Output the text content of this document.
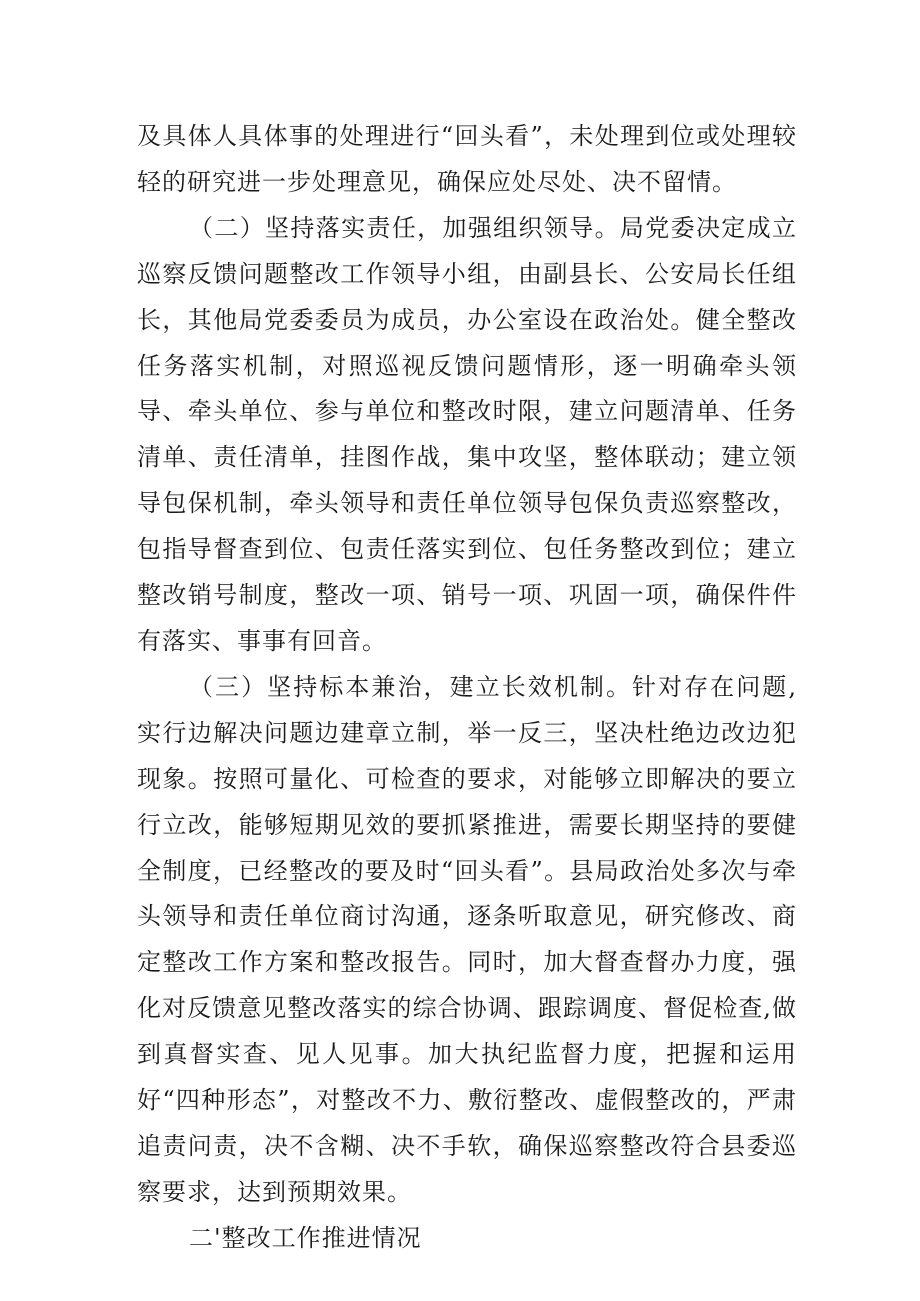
及具体人具体事的处理进行“回头看”，未处理到位或处理较轻的研究进一步处理意见，确保应处尽处、决不留情。

（二）坚持落实责任，加强组织领导。局党委决定成立巡察反馈问题整改工作领导小组，由副县长、公安局长任组长，其他局党委委员为成员，办公室设在政治处。健全整改任务落实机制，对照巡视反馈问题情形，逐一明确牵头领导、牵头单位、参与单位和整改时限，建立问题清单、任务清单、责任清单，挂图作战，集中攻坚，整体联动；建立领导包保机制，牵头领导和责任单位领导包保负责巡察整改，包指导督查到位、包责任落实到位、包任务整改到位；建立整改销号制度，整改一项、销号一项、巩固一项，确保件件有落实、事事有回音。

（三）坚持标本兼治，建立长效机制。针对存在问题,实行边解决问题边建章立制，举一反三，坚决杜绝边改边犯现象。按照可量化、可检查的要求，对能够立即解决的要立行立改，能够短期见效的要抓紧推进，需要长期坚持的要健全制度，已经整改的要及时“回头看”。县局政治处多次与牵头领导和责任单位商讨沟通，逐条听取意见，研究修改、商定整改工作方案和整改报告。同时，加大督查督办力度，强化对反馈意见整改落实的综合协调、跟踪调度、督促检查,做到真督实查、见人见事。加大执纪监督力度，把握和运用好“四种形态”，对整改不力、敷衍整改、虚假整改的，严肃追责问责，决不含糊、决不手软，确保巡察整改符合县委巡察要求，达到预期效果。

二'整改工作推进情况
